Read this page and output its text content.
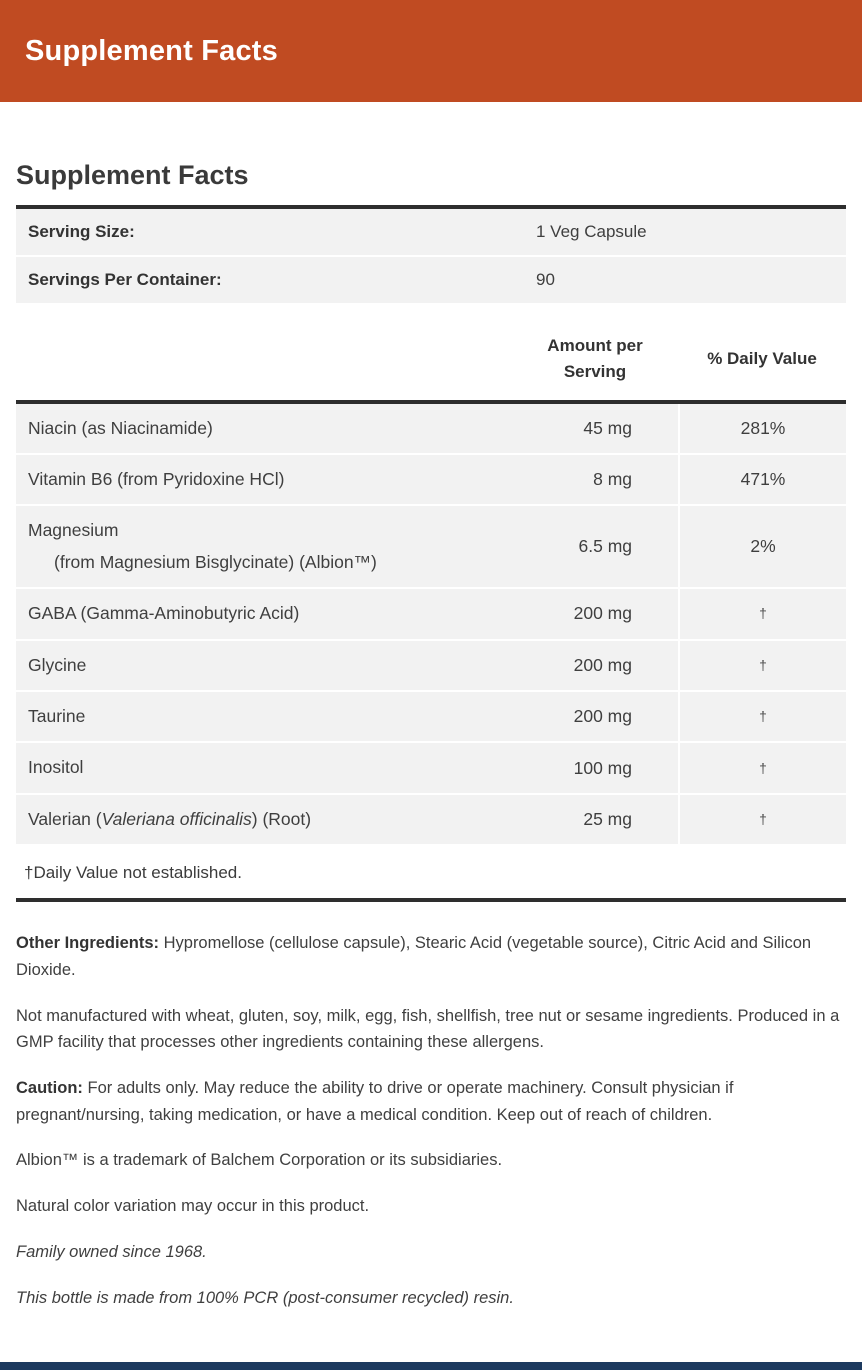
Supplement Facts
Supplement Facts
Serving Size:	1 Veg Capsule
Servings Per Container:	90
Amount per Serving
% Daily Value
Niacin (as Niacinamide)	45 mg	281%
Vitamin B6 (from Pyridoxine HCl)	8 mg	471%
Magnesium
(from Magnesium Bisglycinate) (Albion™)
6.5 mg	2%
GABA (Gamma-Aminobutyric Acid)	200 mg	†
Glycine	200 mg	†
Taurine	200 mg	†
Inositol	100 mg	†
Valerian (Valeriana officinalis) (Root)	25 mg	†
†Daily Value not established.

Other Ingredients: Hypromellose (cellulose capsule), Stearic Acid (vegetable source), Citric Acid and Silicon Dioxide.

Not manufactured with wheat, gluten, soy, milk, egg, fish, shellfish, tree nut or sesame ingredients. Produced in a GMP facility that processes other ingredients containing these allergens.

Caution: For adults only. May reduce the ability to drive or operate machinery. Consult physician if pregnant/nursing, taking medication, or have a medical condition. Keep out of reach of children.

Albion™ is a trademark of Balchem Corporation or its subsidiaries.

Natural color variation may occur in this product.

Family owned since 1968.

This bottle is made from 100% PCR (post-consumer recycled) resin.
